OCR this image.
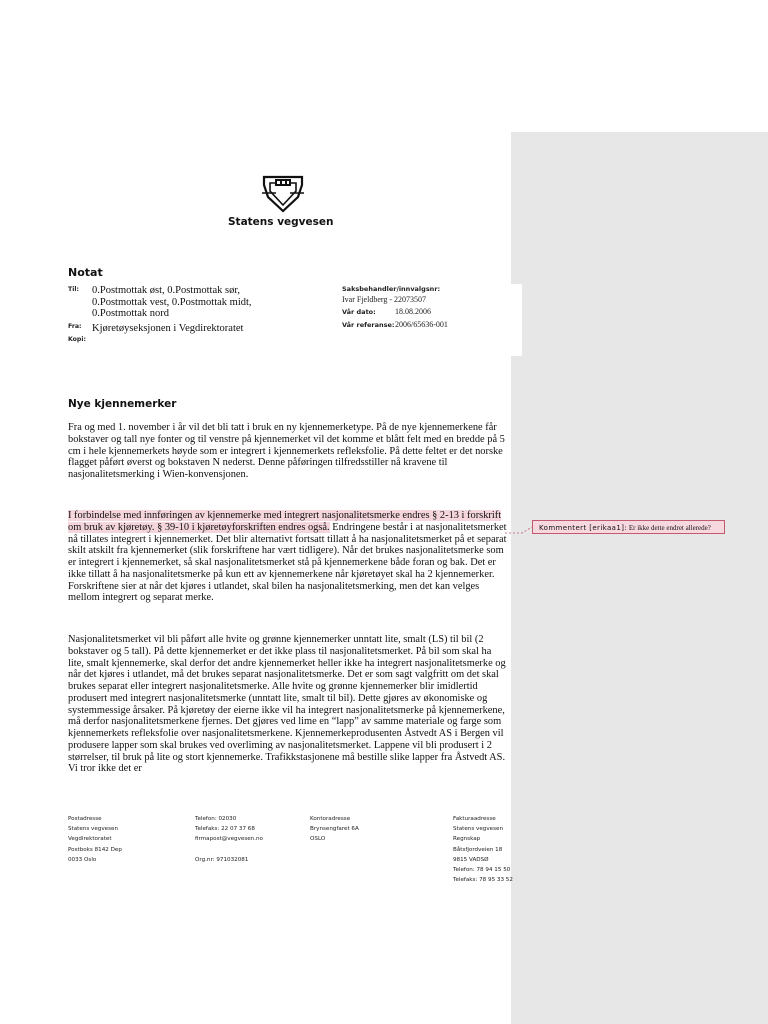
Statens vegvesen
Notat
Til: 0.Postmottak øst, 0.Postmottak sør,
0.Postmottak vest, 0.Postmottak midt,
0.Postmottak nord
Fra: Kjøretøyseksjonen i Vegdirektoratet
Kopi:
Saksbehandler/innvalgsnr:
Ivar Fjeldberg - 22073507
Vår dato: 18.08.2006
Vår referanse: 2006/65636-001
Nye kjennemerker

Fra og med 1. november i år vil det bli tatt i bruk en ny kjennemerketype. På de nye kjennemerkene får bokstaver og tall nye fonter og til venstre på kjennemerket vil det komme et blått felt med en bredde på 5 cm i hele kjennemerkets høyde som er integrert i kjennemerkets refleksfolie. På dette feltet er det norske flagget påført øverst og bokstaven N nederst. Denne påføringen tilfredsstiller nå kravene til nasjonalitetsmerking i Wien-konvensjonen.

I forbindelse med innføringen av kjennemerke med integrert nasjonalitetsmerke endres § 2-13 i forskrift om bruk av kjøretøy. § 39-10 i kjøretøyforskriften endres også. Endringene består i at nasjonalitetsmerket nå tillates integrert i kjennemerket. Det blir alternativt fortsatt tillatt å ha nasjonalitetsmerket på et separat skilt atskilt fra kjennemerket (slik forskriftene har vært tidligere). Når det brukes nasjonalitetsmerke som er integrert i kjennemerket, så skal nasjonalitetsmerket stå på kjennemerkene både foran og bak. Det er ikke tillatt å ha nasjonalitetsmerke på kun ett av kjennemerkene når kjøretøyet skal ha 2 kjennemerker. Forskriftene sier at når det kjøres i utlandet, skal bilen ha nasjonalitetsmerking, men det kan velges mellom integrert og separat merke.

Nasjonalitetsmerket vil bli påført alle hvite og grønne kjennemerker unntatt lite, smalt (LS) til bil (2 bokstaver og 5 tall). På dette kjennemerket er det ikke plass til nasjonalitetsmerket. På bil som skal ha lite, smalt kjennemerke, skal derfor det andre kjennemerket heller ikke ha integrert nasjonalitetsmerke og når det kjøres i utlandet, må det brukes separat nasjonalitetsmerke. Det er som sagt valgfritt om det skal brukes separat eller integrert nasjonalitetsmerke. Alle hvite og grønne kjennemerker blir imidlertid produsert med integrert nasjonalitetsmerke (unntatt lite, smalt til bil). Dette gjøres av økonomiske og systemmessige årsaker. På kjøretøy der eierne ikke vil ha integrert nasjonalitetsmerke på kjennemerkene, må derfor nasjonalitetsmerkene fjernes. Det gjøres ved lime en “lapp” av samme materiale og farge som kjennemerkets refleksfolie over nasjonalitetsmerkene. Kjennemerkeprodusenten Åstvedt AS i Bergen vil produsere lapper som skal brukes ved overliming av nasjonalitetsmerket. Lappene vil bli produsert i 2 størrelser, til bruk på lite og stort kjennemerke. Trafikkstasjonene må bestille slike lapper fra Åstvedt AS. Vi tror ikke det er

Kommentert [erikaa1]: Er ikke dette endret allerede?
Postadresse
Statens vegvesen
Vegdirektoratet
Postboks 8142 Dep
0033 Oslo
Telefon: 02030
Telefaks: 22 07 37 68
firmapost@vegvesen.no

Org.nr: 971032081
Kontoradresse
Brynsengfaret 6A
OSLO
Fakturaadresse
Statens vegvesen
Regnskap
Båtsfjordveien 18
9815 VADSØ
Telefon: 78 94 15 50
Telefaks: 78 95 33 52
